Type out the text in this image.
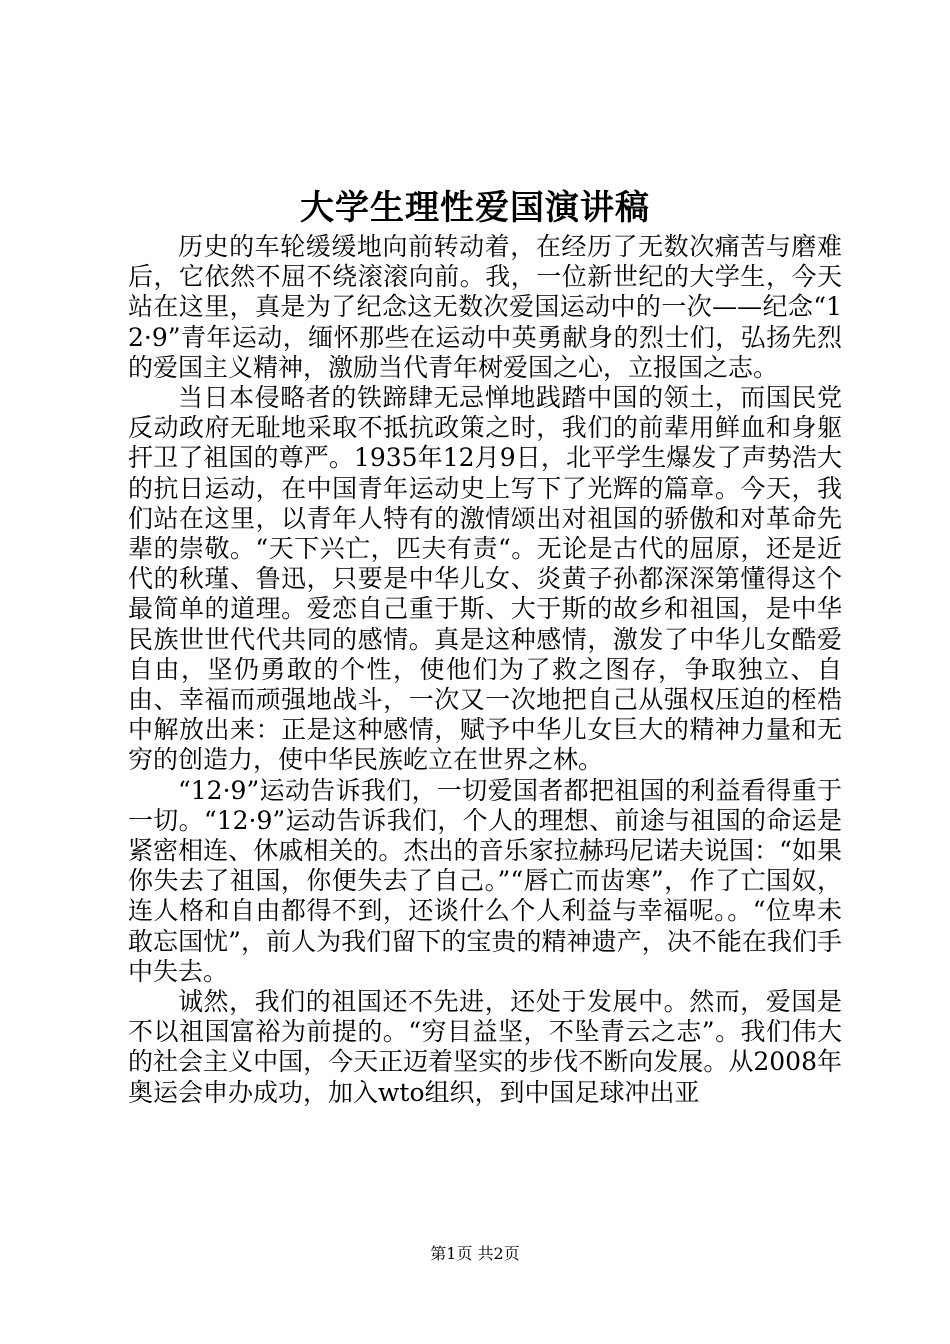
大学生理性爱国演讲稿

历史的车轮缓缓地向前转动着，在经历了无数次痛苦与磨难后，它依然不屈不绕滚滚向前。我，一位新世纪的大学生，今天站在这里，真是为了纪念这无数次爱国运动中的一次——纪念“12·9”青年运动，缅怀那些在运动中英勇献身的烈士们，弘扬先烈的爱国主义精神，激励当代青年树爱国之心，立报国之志。

当日本侵略者的铁蹄肆无忌惮地践踏中国的领土，而国民党反动政府无耻地采取不抵抗政策之时，我们的前辈用鲜血和身躯扞卫了祖国的尊严。1935年12月9日，北平学生爆发了声势浩大的抗日运动，在中国青年运动史上写下了光辉的篇章。今天，我们站在这里，以青年人特有的激情颂出对祖国的骄傲和对革命先辈的崇敬。“天下兴亡，匹夫有责“。无论是古代的屈原，还是近代的秋瑾、鲁迅，只要是中华儿女、炎黄子孙都深深第懂得这个最简单的道理。爱恋自己重于斯、大于斯的故乡和祖国，是中华民族世世代代共同的感情。真是这种感情，激发了中华儿女酷爱自由，坚仍勇敢的个性，使他们为了救之图存，争取独立、自由、幸福而顽强地战斗，一次又一次地把自己从强权压迫的桎梏中解放出来：正是这种感情，赋予中华儿女巨大的精神力量和无穷的创造力，使中华民族屹立在世界之林。

“12·9”运动告诉我们，一切爱国者都把祖国的利益看得重于一切。“12·9”运动告诉我们，个人的理想、前途与祖国的命运是紧密相连、休戚相关的。杰出的音乐家拉赫玛尼诺夫说国：“如果你失去了祖国，你便失去了自己。”“唇亡而齿寒”，作了亡国奴，连人格和自由都得不到，还谈什么个人利益与幸福呢。。“位卑未敢忘国忧”，前人为我们留下的宝贵的精神遗产，决不能在我们手中失去。

诚然，我们的祖国还不先进，还处于发展中。然而，爱国是不以祖国富裕为前提的。“穷目益坚，不坠青云之志”。我们伟大的社会主义中国，今天正迈着坚实的步伐不断向发展。从2008年奥运会申办成功，加入wto组织，到中国足球冲出亚

第1页 共2页
